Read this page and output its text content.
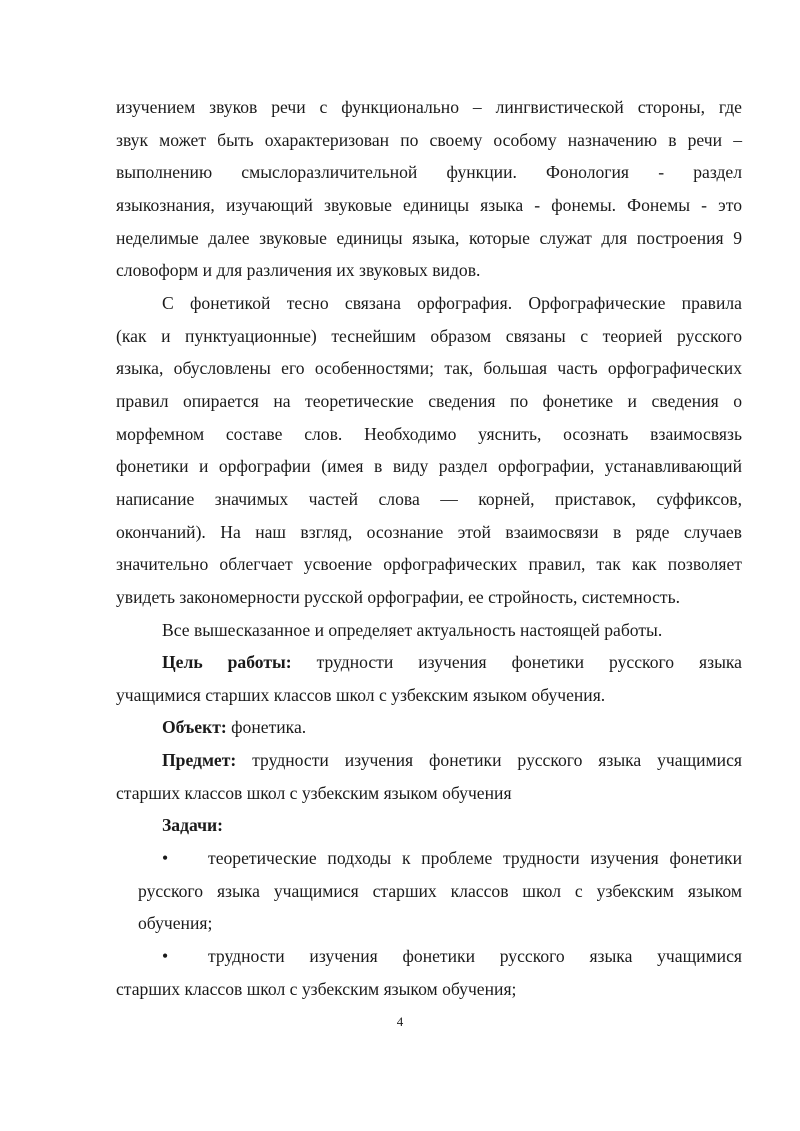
изучением звуков речи с функционально – лингвистической стороны, где
звук может быть охарактеризован по своему особому назначению в речи –
выполнению смыслоразличительной функции. Фонология - раздел
языкознания, изучающий звуковые единицы языка - фонемы. Фонемы - это
неделимые далее звуковые единицы языка, которые служат для построения 9
словоформ и для различения их звуковых видов.
С фонетикой тесно связана орфография. Орфографические правила
(как и пунктуационные) теснейшим образом связаны с теорией русского
языка, обусловлены его особенностями; так, большая часть орфографических
правил опирается на теоретические сведения по фонетике и сведения о
морфемном составе слов. Необходимо уяснить, осознать взаимосвязь
фонетики и орфографии (имея в виду раздел орфографии, устанавливающий
написание значимых частей слова — корней, приставок, суффиксов,
окончаний). На наш взгляд, осознание этой взаимосвязи в ряде случаев
значительно облегчает усвоение орфографических правил, так как позволяет
увидеть закономерности русской орфографии, ее стройность, системность.
Все вышесказанное и определяет актуальность настоящей работы.
Цель работы: трудности изучения фонетики русского языка
учащимися старших классов школ с узбекским языком обучения.
Объект: фонетика.
Предмет: трудности изучения фонетики русского языка учащимися
старших классов школ с узбекским языком обучения
Задачи:
• теоретические подходы к проблеме трудности изучения фонетики
русского языка учащимися старших классов школ с узбекским языком
обучения;
• трудности изучения фонетики русского языка учащимися
старших классов школ с узбекским языком обучения;
4
